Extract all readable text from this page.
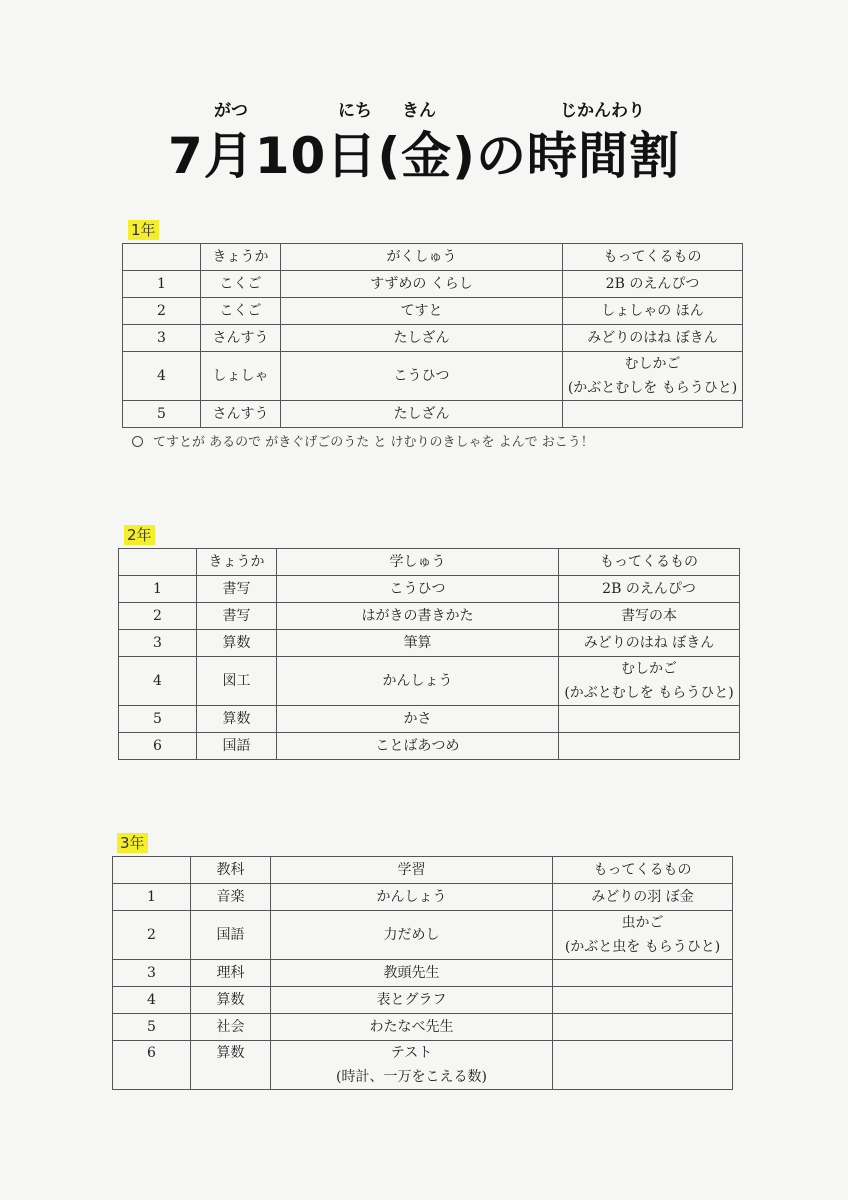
がつ	にち きん	じかんわり
7月10日(金)の時間割
1年
	きょうか	がくしゅう	もってくるもの
1	こくご	すずめの くらし	2B のえんぴつ
2	こくご	てすと	しょしゃの ほん
3	さんすう	たしざん	みどりのはね ぼきん
4	しょしゃ	こうひつ	むしかご
(かぶとむしを もらうひと)

5	さんすう	たしざん	
てすとが あるので がきぐげごのうた と けむりのきしゃを よんで おこう！
2年
	きょうか	学しゅう	もってくるもの
1	書写	こうひつ	2B のえんぴつ
2	書写	はがきの書きかた	書写の本
3	算数	筆算	みどりのはね ぼきん
4	図工	かんしょう	むしかご
(かぶとむしを もらうひと)

5	算数	かさ	
6	国語	ことばあつめ	
3年
	教科	学習	もってくるもの
1	音楽	かんしょう	みどりの羽 ぼ金
2	国語	力だめし	虫かご
(かぶと虫を もらうひと)

3	理科	教頭先生	
4	算数	表とグラフ	
5	社会	わたなべ先生	
6	算数	テスト
(時計、一万をこえる数)	
